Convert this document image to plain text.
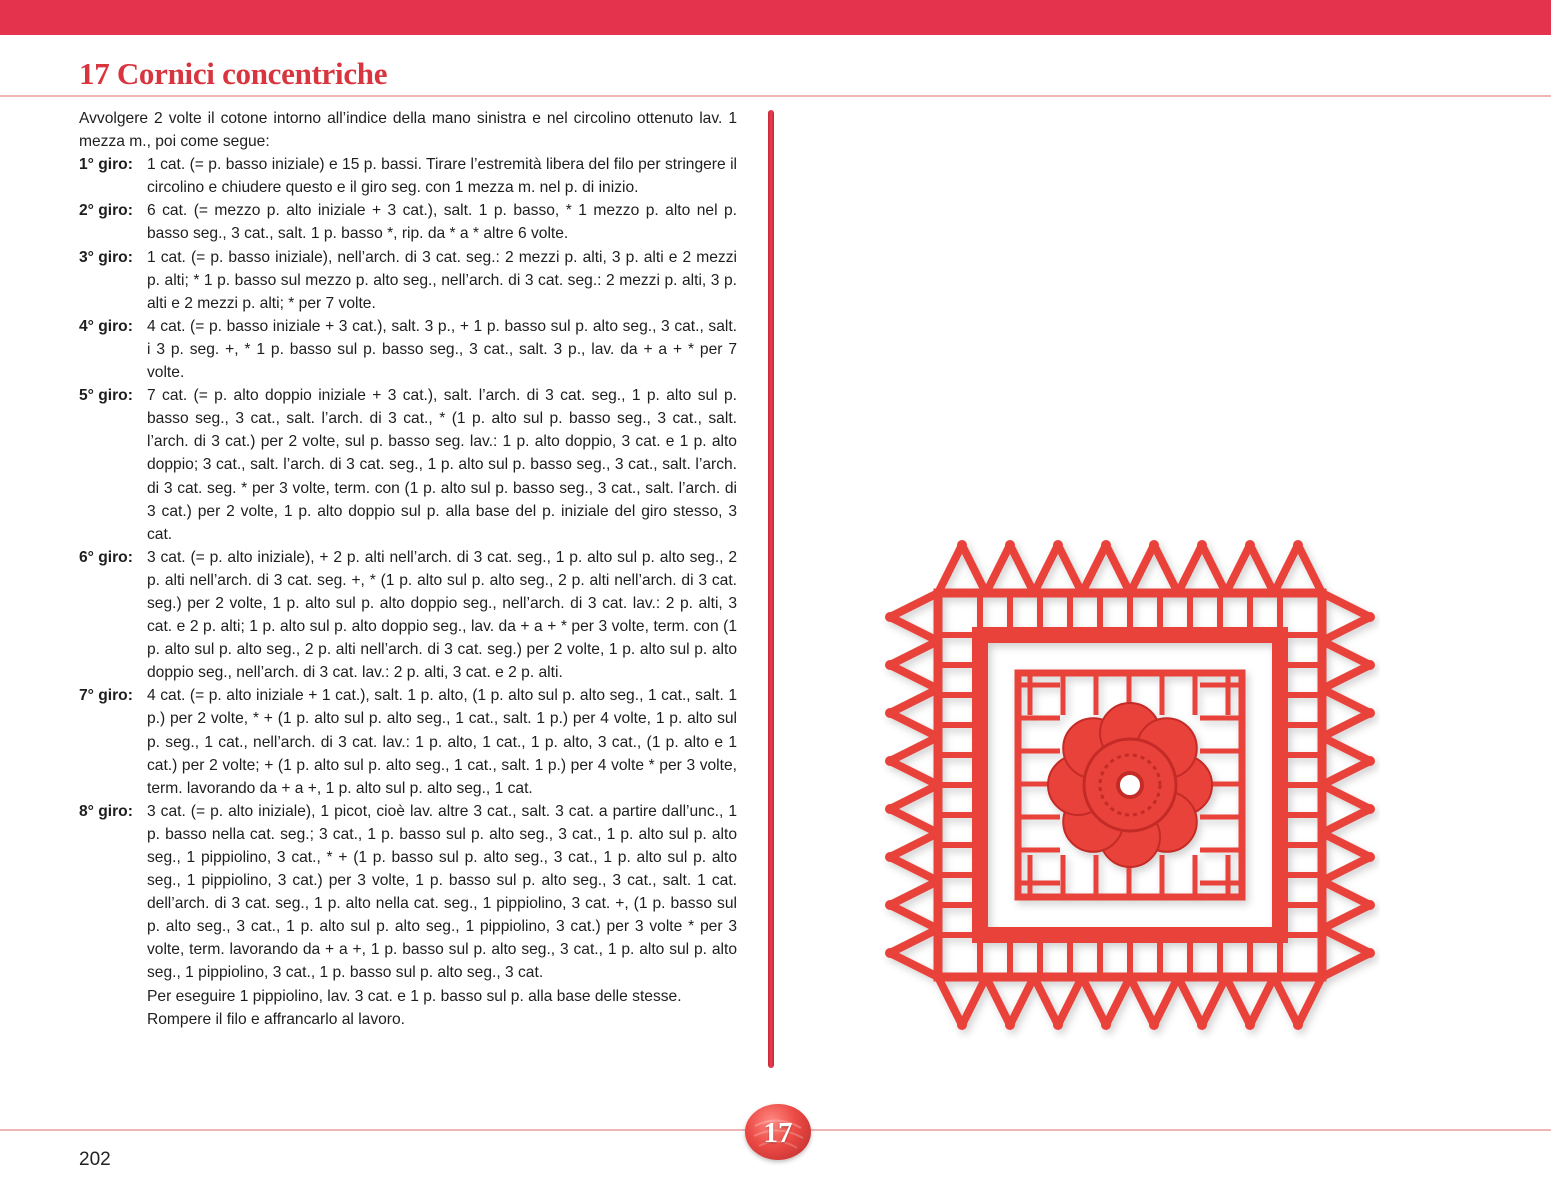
17 Cornici concentriche
Avvolgere 2 volte il cotone intorno all’indice della mano sinistra e nel circolino ottenuto lav. 1 mezza m., poi come segue:
1° giro: 1 cat. (= p. basso iniziale) e 15 p. bassi. Tirare l’estremità libera del filo per stringere il circolino e chiudere questo e il giro seg. con 1 mezza m. nel p. di inizio.
2° giro: 6 cat. (= mezzo p. alto iniziale + 3 cat.), salt. 1 p. basso, * 1 mezzo p. alto nel p. basso seg., 3 cat., salt. 1 p. basso *, rip. da * a * altre 6 volte.
3° giro: 1 cat. (= p. basso iniziale), nell’arch. di 3 cat. seg.: 2 mezzi p. alti, 3 p. alti e 2 mezzi p. alti; * 1 p. basso sul mezzo p. alto seg., nell’arch. di 3 cat. seg.: 2 mezzi p. alti, 3 p. alti e 2 mezzi p. alti; * per 7 volte.
4° giro: 4 cat. (= p. basso iniziale + 3 cat.), salt. 3 p., + 1 p. basso sul p. alto seg., 3 cat., salt. i 3 p. seg. +, * 1 p. basso sul p. basso seg., 3 cat., salt. 3 p., lav. da + a + * per 7 volte.
5° giro: 7 cat. (= p. alto doppio iniziale + 3 cat.), salt. l’arch. di 3 cat. seg., 1 p. alto sul p. basso seg., 3 cat., salt. l’arch. di 3 cat., * (1 p. alto sul p. basso seg., 3 cat., salt. l’arch. di 3 cat.) per 2 volte, sul p. basso seg. lav.: 1 p. alto doppio, 3 cat. e 1 p. alto doppio; 3 cat., salt. l’arch. di 3 cat. seg., 1 p. alto sul p. basso seg., 3 cat., salt. l’arch. di 3 cat. seg. * per 3 volte, term. con (1 p. alto sul p. basso seg., 3 cat., salt. l’arch. di 3 cat.) per 2 volte, 1 p. alto doppio sul p. alla base del p. iniziale del giro stesso, 3 cat.
6° giro: 3 cat. (= p. alto iniziale), + 2 p. alti nell’arch. di 3 cat. seg., 1 p. alto sul p. alto seg., 2 p. alti nell’arch. di 3 cat. seg. +, * (1 p. alto sul p. alto seg., 2 p. alti nell’arch. di 3 cat. seg.) per 2 volte, 1 p. alto sul p. alto doppio seg., nell’arch. di 3 cat. lav.: 2 p. alti, 3 cat. e 2 p. alti; 1 p. alto sul p. alto doppio seg., lav. da + a + * per 3 volte, term. con (1 p. alto sul p. alto seg., 2 p. alti nell’arch. di 3 cat. seg.) per 2 volte, 1 p. alto sul p. alto doppio seg., nell’arch. di 3 cat. lav.: 2 p. alti, 3 cat. e 2 p. alti.
7° giro: 4 cat. (= p. alto iniziale + 1 cat.), salt. 1 p. alto, (1 p. alto sul p. alto seg., 1 cat., salt. 1 p.) per 2 volte, * + (1 p. alto sul p. alto seg., 1 cat., salt. 1 p.) per 4 volte, 1 p. alto sul p. seg., 1 cat., nell’arch. di 3 cat. lav.: 1 p. alto, 1 cat., 1 p. alto, 3 cat., (1 p. alto e 1 cat.) per 2 volte; + (1 p. alto sul p. alto seg., 1 cat., salt. 1 p.) per 4 volte * per 3 volte, term. lavorando da + a +, 1 p. alto sul p. alto seg., 1 cat.
8° giro: 3 cat. (= p. alto iniziale), 1 picot, cioè lav. altre 3 cat., salt. 3 cat. a partire dall’unc., 1 p. basso nella cat. seg.; 3 cat., 1 p. basso sul p. alto seg., 3 cat., 1 p. alto sul p. alto seg., 1 pippiolino, 3 cat., * + (1 p. basso sul p. alto seg., 3 cat., 1 p. alto sul p. alto seg., 1 pippiolino, 3 cat.) per 3 volte, 1 p. basso sul p. alto seg., 3 cat., salt. 1 cat. dell’arch. di 3 cat. seg., 1 p. alto nella cat. seg., 1 pippiolino, 3 cat. +, (1 p. basso sul p. alto seg., 3 cat., 1 p. alto sul p. alto seg., 1 pippiolino, 3 cat.) per 3 volte * per 3 volte, term. lavorando da + a +, 1 p. basso sul p. alto seg., 3 cat., 1 p. alto sul p. alto seg., 1 pippiolino, 3 cat., 1 p. basso sul p. alto seg., 3 cat.
Per eseguire 1 pippiolino, lav. 3 cat. e 1 p. basso sul p. alla base delle stesse.
Rompere il filo e affrancarlo al lavoro.
17
202
